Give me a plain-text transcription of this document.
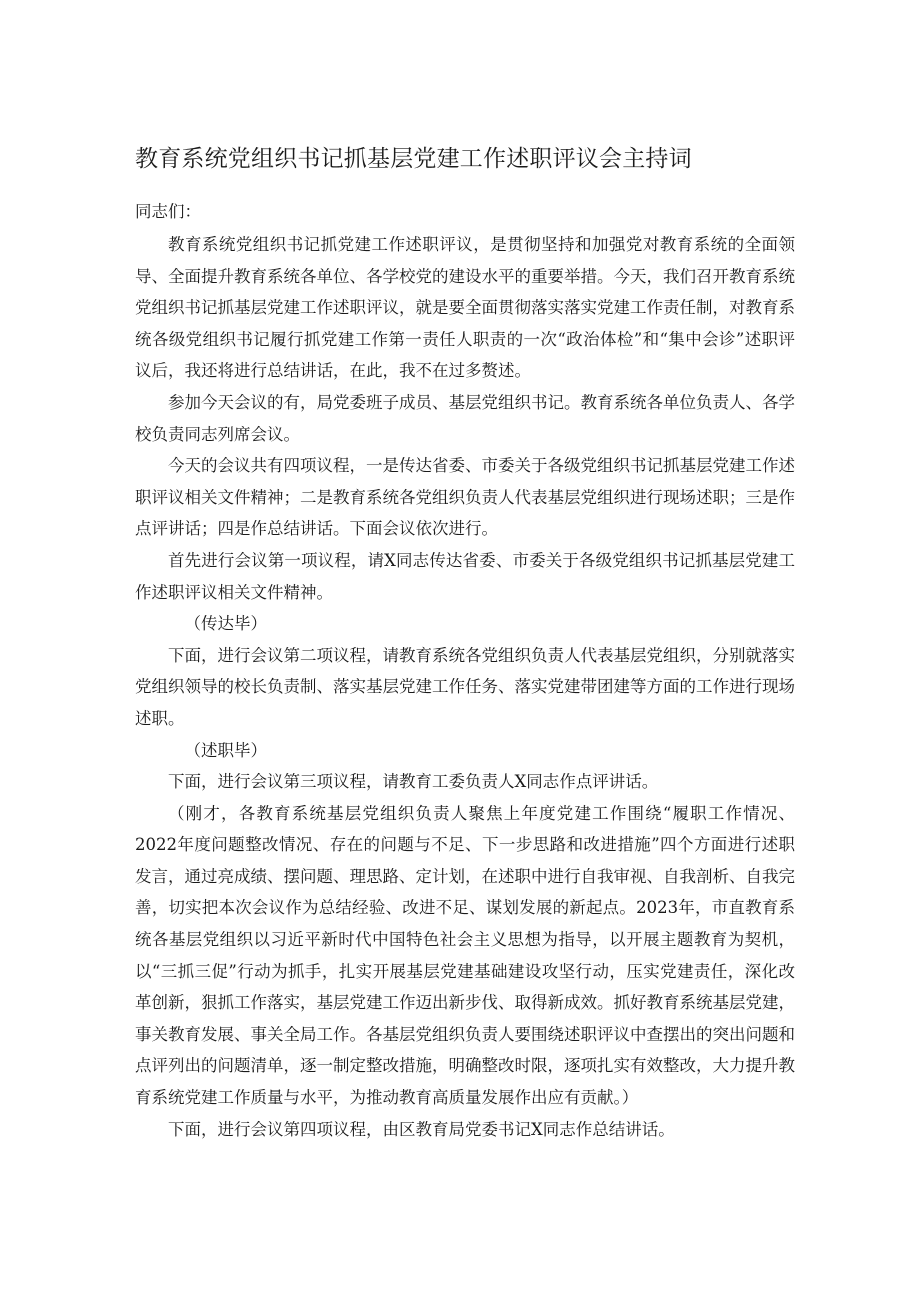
教育系统党组织书记抓基层党建工作述职评议会主持词
同志们：

教育系统党组织书记抓党建工作述职评议，是贯彻坚持和加强党对教育系统的全面领导、全面提升教育系统各单位、各学校党的建设水平的重要举措。今天，我们召开教育系统党组织书记抓基层党建工作述职评议，就是要全面贯彻落实落实党建工作责任制，对教育系统各级党组织书记履行抓党建工作第一责任人职责的一次“政治体检”和“集中会诊”述职评议后，我还将进行总结讲话，在此，我不在过多赘述。

参加今天会议的有，局党委班子成员、基层党组织书记。教育系统各单位负责人、各学校负责同志列席会议。

今天的会议共有四项议程，一是传达省委、市委关于各级党组织书记抓基层党建工作述职评议相关文件精神；二是教育系统各党组织负责人代表基层党组织进行现场述职；三是作点评讲话；四是作总结讲话。下面会议依次进行。

首先进行会议第一项议程，请X同志传达省委、市委关于各级党组织书记抓基层党建工作述职评议相关文件精神。

（传达毕）

下面，进行会议第二项议程，请教育系统各党组织负责人代表基层党组织，分别就落实党组织领导的校长负责制、落实基层党建工作任务、落实党建带团建等方面的工作进行现场述职。

（述职毕）

下面，进行会议第三项议程，请教育工委负责人X同志作点评讲话。

（刚才，各教育系统基层党组织负责人聚焦上年度党建工作围绕“履职工作情况、2022年度问题整改情况、存在的问题与不足、下一步思路和改进措施”四个方面进行述职发言，通过亮成绩、摆问题、理思路、定计划，在述职中进行自我审视、自我剖析、自我完善，切实把本次会议作为总结经验、改进不足、谋划发展的新起点。2023年，市直教育系统各基层党组织以习近平新时代中国特色社会主义思想为指导，以开展主题教育为契机，以“三抓三促”行动为抓手，扎实开展基层党建基础建设攻坚行动，压实党建责任，深化改革创新，狠抓工作落实，基层党建工作迈出新步伐、取得新成效。抓好教育系统基层党建，事关教育发展、事关全局工作。各基层党组织负责人要围绕述职评议中查摆出的突出问题和点评列出的问题清单，逐一制定整改措施，明确整改时限，逐项扎实有效整改，大力提升教育系统党建工作质量与水平，为推动教育高质量发展作出应有贡献。）

下面，进行会议第四项议程，由区教育局党委书记X同志作总结讲话。
